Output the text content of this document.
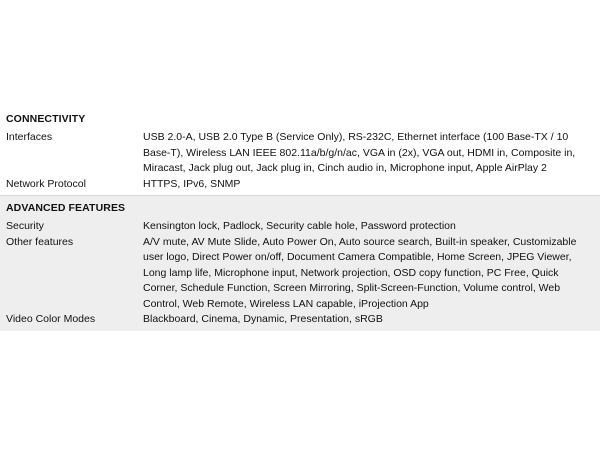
CONNECTIVITY
Interfaces	USB 2.0-A, USB 2.0 Type B (Service Only), RS-232C, Ethernet interface (100 Base-TX / 10 Base-T), Wireless LAN IEEE 802.11a/b/g/n/ac, VGA in (2x), VGA out, HDMI in, Composite in, Miracast, Jack plug out, Jack plug in, Cinch audio in, Microphone input, Apple AirPlay 2
Network Protocol	HTTPS, IPv6, SNMP
ADVANCED FEATURES
Security	Kensington lock, Padlock, Security cable hole, Password protection
Other features	A/V mute, AV Mute Slide, Auto Power On, Auto source search, Built-in speaker, Customizable user logo, Direct Power on/off, Document Camera Compatible, Home Screen, JPEG Viewer, Long lamp life, Microphone input, Network projection, OSD copy function, PC Free, Quick Corner, Schedule Function, Screen Mirroring, Split-Screen-Function, Volume control, Web Control, Web Remote, Wireless LAN capable, iProjection App
Video Color Modes	Blackboard, Cinema, Dynamic, Presentation, sRGB
